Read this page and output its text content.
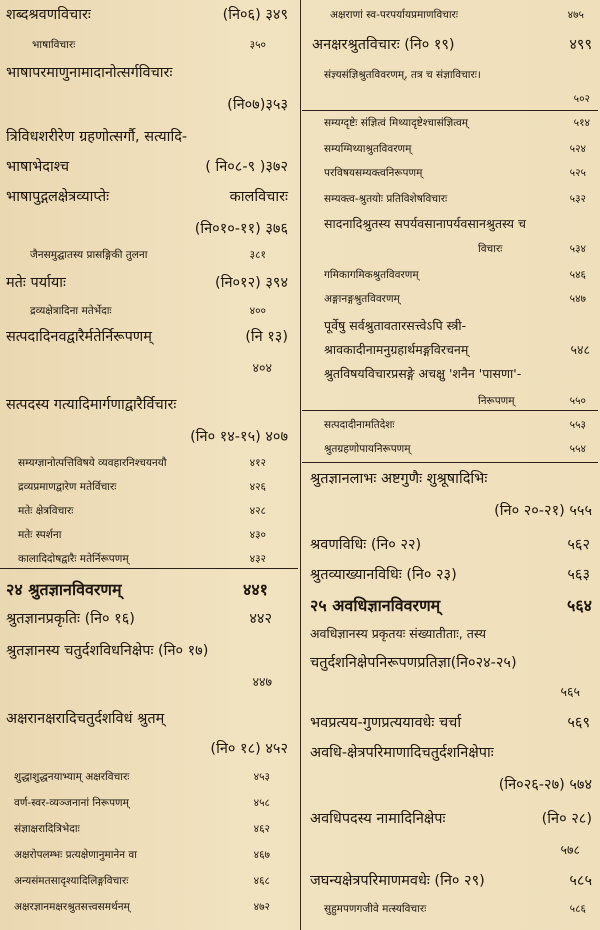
शब्दश्रवणविचारः	(नि०६) ३४९
भाषाविचारः	३५०
भाषापरमाणुनामादानोत्सर्गविचारः
(नि०७)३५३
त्रिविधशरीरेण ग्रहणोत्सर्गौ, सत्यादि-
भाषाभेदाश्च	( नि०८-९ )३७२
भाषापुद्गलक्षेत्रव्याप्तेः	कालविचारः
(नि०१०-११) ३७६
जैनसमुद्घातस्य प्रासङ्गिकी तुलना	३८१
मतेः पर्यायाः	(नि०१२) ३९४
द्रव्यक्षेत्रादिना मतेर्भेदाः	४००
सत्पदादिनवद्वारैर्मतेर्निरूपणम्	(नि १३)
४०४
सत्पदस्य गत्यादिमार्गणाद्वारैर्विचारः
(नि० १४-१५) ४०७
सम्यग्ज्ञानोत्पत्तिविषये व्यवहारनिश्चयनयौ	४१२
द्रव्यप्रमाणद्वारेण मतेर्विचारः	४२६
मतेः क्षेत्रविचारः	४२८
मतेः स्पर्शना	४३०
कालादिदोषद्वारैः मतेर्निरूपणम्	४३२
२४ श्रुतज्ञानविवरणम्	४४१
श्रुतज्ञानप्रकृतिः (नि० १६)	४४२
श्रुतज्ञानस्य चतुर्दशविधनिक्षेपः (नि० १७)
४४७
अक्षरानक्षरादिचतुर्दशविधं श्रुतम्
(नि० १८) ४५२
शुद्धाशुद्धनयाभ्याम् अक्षरविचारः	४५३
वर्ण-स्वर-व्यञ्जनानां निरूपणम्	४५८
संज्ञाक्षरादित्रिभेदाः	४६२
अक्षरोपलम्भः प्रत्यक्षेणानुमानेन वा	४६७
अन्यसंमतसादृश्यादिलिङ्गविचारः	४६८
अक्षरज्ञानमक्षरश्रुतसत्त्वसमर्थनम्	४७२
अक्षराणां स्व-परपर्यायप्रमाणविचारः	४७५
अनक्षरश्रुतविचारः (नि० १९)	४९९
संज्ञ्यसंज्ञिश्रुतविवरणम्, तत्र च संज्ञाविचारः।
५०२
सम्यग्दृष्टेः संज्ञित्वं मिथ्यादृष्टेश्चासंज्ञित्वम्	५१४
सम्यग्मिथ्याश्रुतविवरणम्	५२४
परविषयसम्यक्त्वनिरूपणम्	५२५
सम्यक्त्व-श्रुतयोः प्रतिविशेषविचारः	५३२
सादनादिश्रुतस्य सपर्यवसानापर्यवसानश्रुतस्य च
विचारः	५३४
गमिकागमिकश्रुतविवरणम्	५४६
अङ्गानङ्गश्रुतविवरणम्	५४७
पूर्वेषु सर्वश्रुतावतारसत्त्वेऽपि स्त्री-
श्रावकादीनामनुग्रहार्थमङ्गविरचनम्	५४८
श्रुतविषयविचारप्रसङ्गे अचक्षु 'शनैन 'पासणा'-
निरूपणम्	५५०
सत्पदादीनामतिदेशः	५५३
श्रुतग्रहणोपायनिरूपणम्	५५४
श्रुतज्ञानलाभः अष्टगुणैः शुश्रूषादिभिः
(नि० २०-२१) ५५५
श्रवणविधिः (नि० २२)	५६२
श्रुतव्याख्यानविधिः (नि० २३)	५६३
२५ अवधिज्ञानविवरणम्	५६४
अवधिज्ञानस्य प्रकृतयः संख्यातीताः, तस्य
चतुर्दशनिक्षेपनिरूपणप्रतिज्ञा(नि०२४-२५)
५६५
भवप्रत्यय-गुणप्रत्ययावधेः चर्चा	५६९
अवधि-क्षेत्रपरिमाणादिचतुर्दशनिक्षेपाः
(नि०२६-२७) ५७४
अवधिपदस्य नामादिनिक्षेपः	(नि० २८)
५७८
जघन्यक्षेत्रपरिमाणमवधेः (नि० २९)	५८५
सुहुमपणगजीवे मत्स्यविचारः	५८६
